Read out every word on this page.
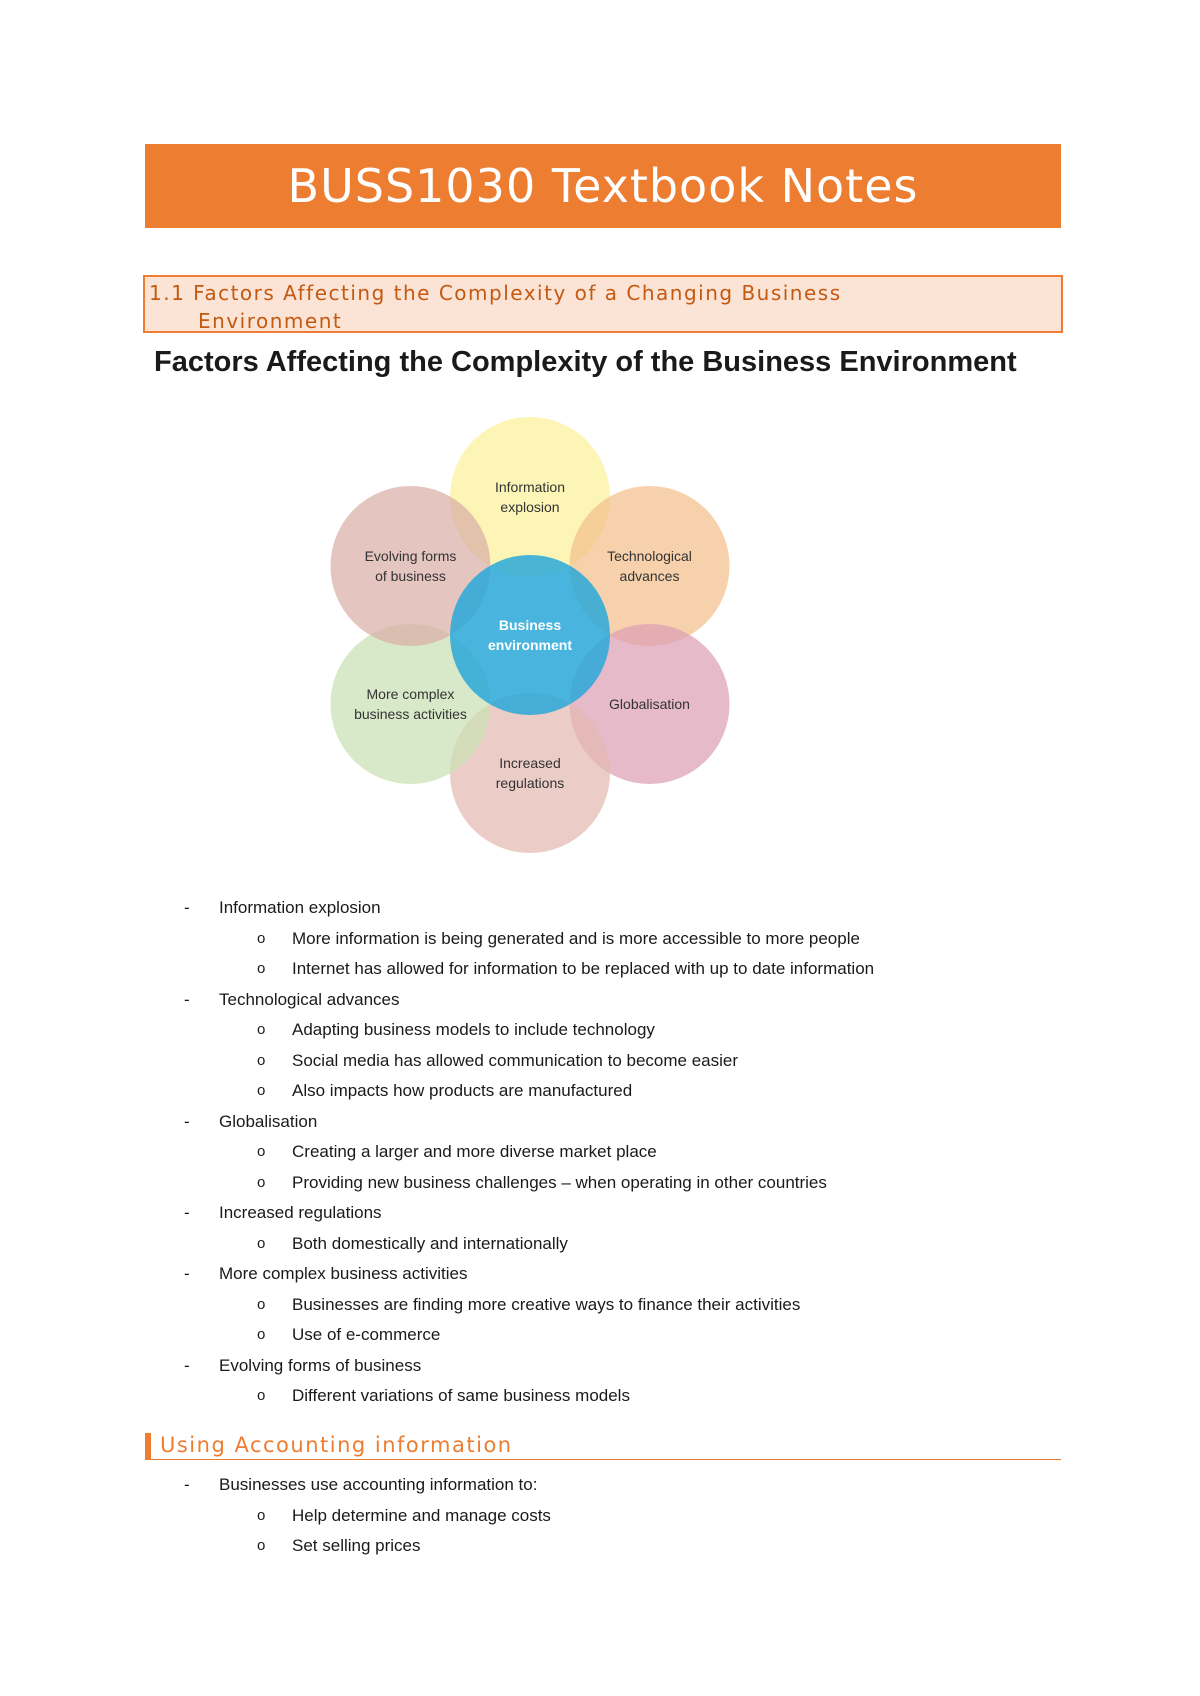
BUSS1030 Textbook Notes
1.1 Factors Affecting the Complexity of a Changing Business
Environment
Factors Affecting the Complexity of the Business Environment
Information
explosion
Technological
advances
Globalisation
Increased
regulations
More complex
business activities
Evolving forms
of business
Business
environment
- Information explosion
o More information is being generated and is more accessible to more people
o Internet has allowed for information to be replaced with up to date information
- Technological advances
o Adapting business models to include technology
o Social media has allowed communication to become easier
o Also impacts how products are manufactured
- Globalisation
o Creating a larger and more diverse market place
o Providing new business challenges – when operating in other countries
- Increased regulations
o Both domestically and internationally
- More complex business activities
o Businesses are finding more creative ways to finance their activities
o Use of e-commerce
- Evolving forms of business
o Different variations of same business models
Using Accounting information
- Businesses use accounting information to:
o Help determine and manage costs
o Set selling prices
